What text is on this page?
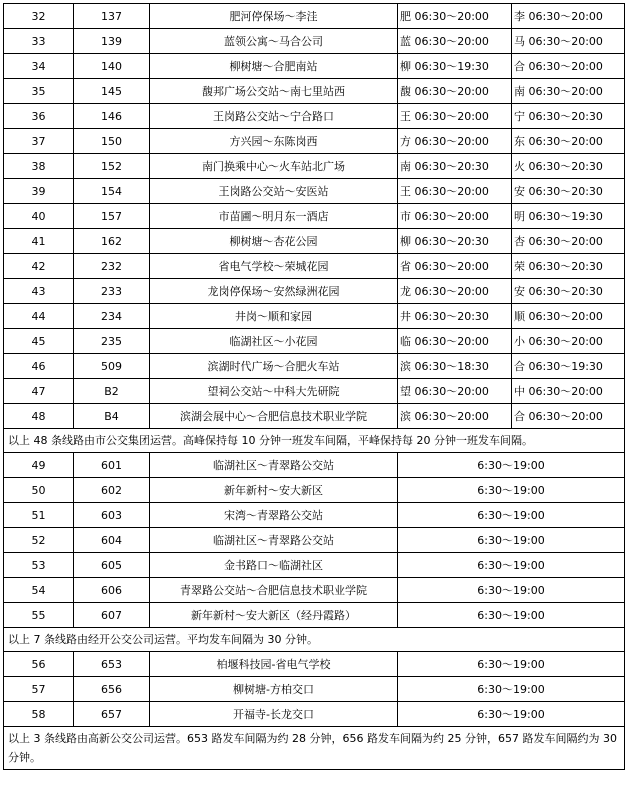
32	137	肥河停保场～李洼	肥 06:30～20:00	李 06:30～20:00
33	139	蓝领公寓～马合公司	蓝 06:30～20:00	马 06:30～20:00
34	140	柳树塘～合肥南站	柳 06:30～19:30	合 06:30～20:00
35	145	馥邦广场公交站～南七里站西	馥 06:30～20:00	南 06:30～20:00
36	146	王岗路公交站～宁合路口	王 06:30～20:00	宁 06:30～20:30
37	150	方兴园～东陈岗西	方 06:30～20:00	东 06:30～20:00
38	152	南门换乘中心～火车站北广场	南 06:30～20:30	火 06:30～20:30
39	154	王岗路公交站～安医站	王 06:30～20:00	安 06:30～20:30
40	157	市苗圃～明月东一酒店	市 06:30～20:00	明 06:30～19:30
41	162	柳树塘～杏花公园	柳 06:30～20:30	杏 06:30～20:00
42	232	省电气学校～荣城花园	省 06:30～20:00	荣 06:30～20:30
43	233	龙岗停保场～安然绿洲花园	龙 06:30～20:00	安 06:30～20:30
44	234	井岗～顺和家园	井 06:30～20:30	顺 06:30～20:00
45	235	临湖社区～小花园	临 06:30～20:00	小 06:30～20:00
46	509	滨湖时代广场～合肥火车站	滨 06:30～18:30	合 06:30～19:30
47	B2	望祠公交站～中科大先研院	望 06:30～20:00	中 06:30～20:00
48	B4	滨湖会展中心～合肥信息技术职业学院	滨 06:30～20:00	合 06:30～20:00
以上 48 条线路由市公交集团运营。高峰保持每 10 分钟一班发车间隔，平峰保持每 20 分钟一班发车间隔。				
49	601	临湖社区～青翠路公交站	6:30～19:00	
50	602	新年新村～安大新区	6:30～19:00	
51	603	宋湾～青翠路公交站	6:30～19:00	
52	604	临湖社区～青翠路公交站	6:30～19:00	
53	605	金书路口～临湖社区	6:30～19:00	
54	606	青翠路公交站～合肥信息技术职业学院	6:30～19:00	
55	607	新年新村～安大新区（经丹霞路）	6:30～19:00	
以上 7 条线路由经开公交公司运营。平均发车间隔为 30 分钟。				
56	653	柏堰科技园-省电气学校	6:30～19:00	
57	656	柳树塘-方柏交口	6:30～19:00	
58	657	开福寺-长龙交口	6:30～19:00	
以上 3 条线路由高新公交公司运营。653 路发车间隔为约 28 分钟，656 路发车间隔为约 25 分钟，657 路发车间隔约为 30 分钟。				
